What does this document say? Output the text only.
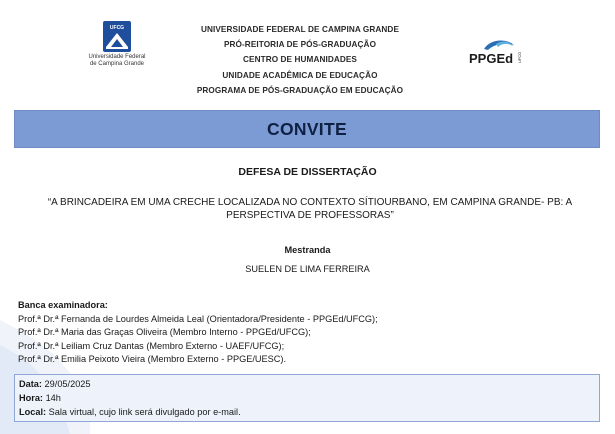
UFCG
Universidade Federal
de Campina Grande
UNIVERSIDADE FEDERAL DE CAMPINA GRANDE
PRÓ-REITORIA DE PÓS-GRADUAÇÃO
CENTRO DE HUMANIDADES
UNIDADE ACADÊMICA DE EDUCAÇÃO
PROGRAMA DE PÓS-GRADUAÇÃO EM EDUCAÇÃO
PPGEd UFCG
CONVITE
DEFESA DE DISSERTAÇÃO
“A BRINCADEIRA EM UMA CRECHE LOCALIZADA NO CONTEXTO SÍTIOURBANO, EM CAMPINA GRANDE- PB: A
PERSPECTIVA DE PROFESSORAS”
Mestranda
SUELEN DE LIMA FERREIRA
Banca examinadora:
Prof.ª Dr.ª Fernanda de Lourdes Almeida Leal (Orientadora/Presidente - PPGEd/UFCG);
Prof.ª Dr.ª Maria das Graças Oliveira (Membro Interno - PPGEd/UFCG);
Prof.ª Dr.ª Leiliam Cruz Dantas (Membro Externo - UAEF/UFCG);
Prof.ª Dr.ª Emilia Peixoto Vieira (Membro Externo - PPGE/UESC).
Data: 29/05/2025
Hora: 14h
Local: Sala virtual, cujo link será divulgado por e-mail.
